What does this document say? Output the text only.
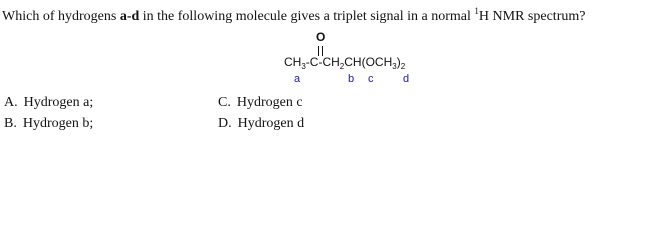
Which of hydrogens a-d in the following molecule gives a triplet signal in a normal $^1$H NMR spectrum?
O
$CH_3-C-CH_2CH(OCH_3)_2$
a	b c	d
A. Hydrogen a;
B. Hydrogen b;
C. Hydrogen c
D. Hydrogen d
